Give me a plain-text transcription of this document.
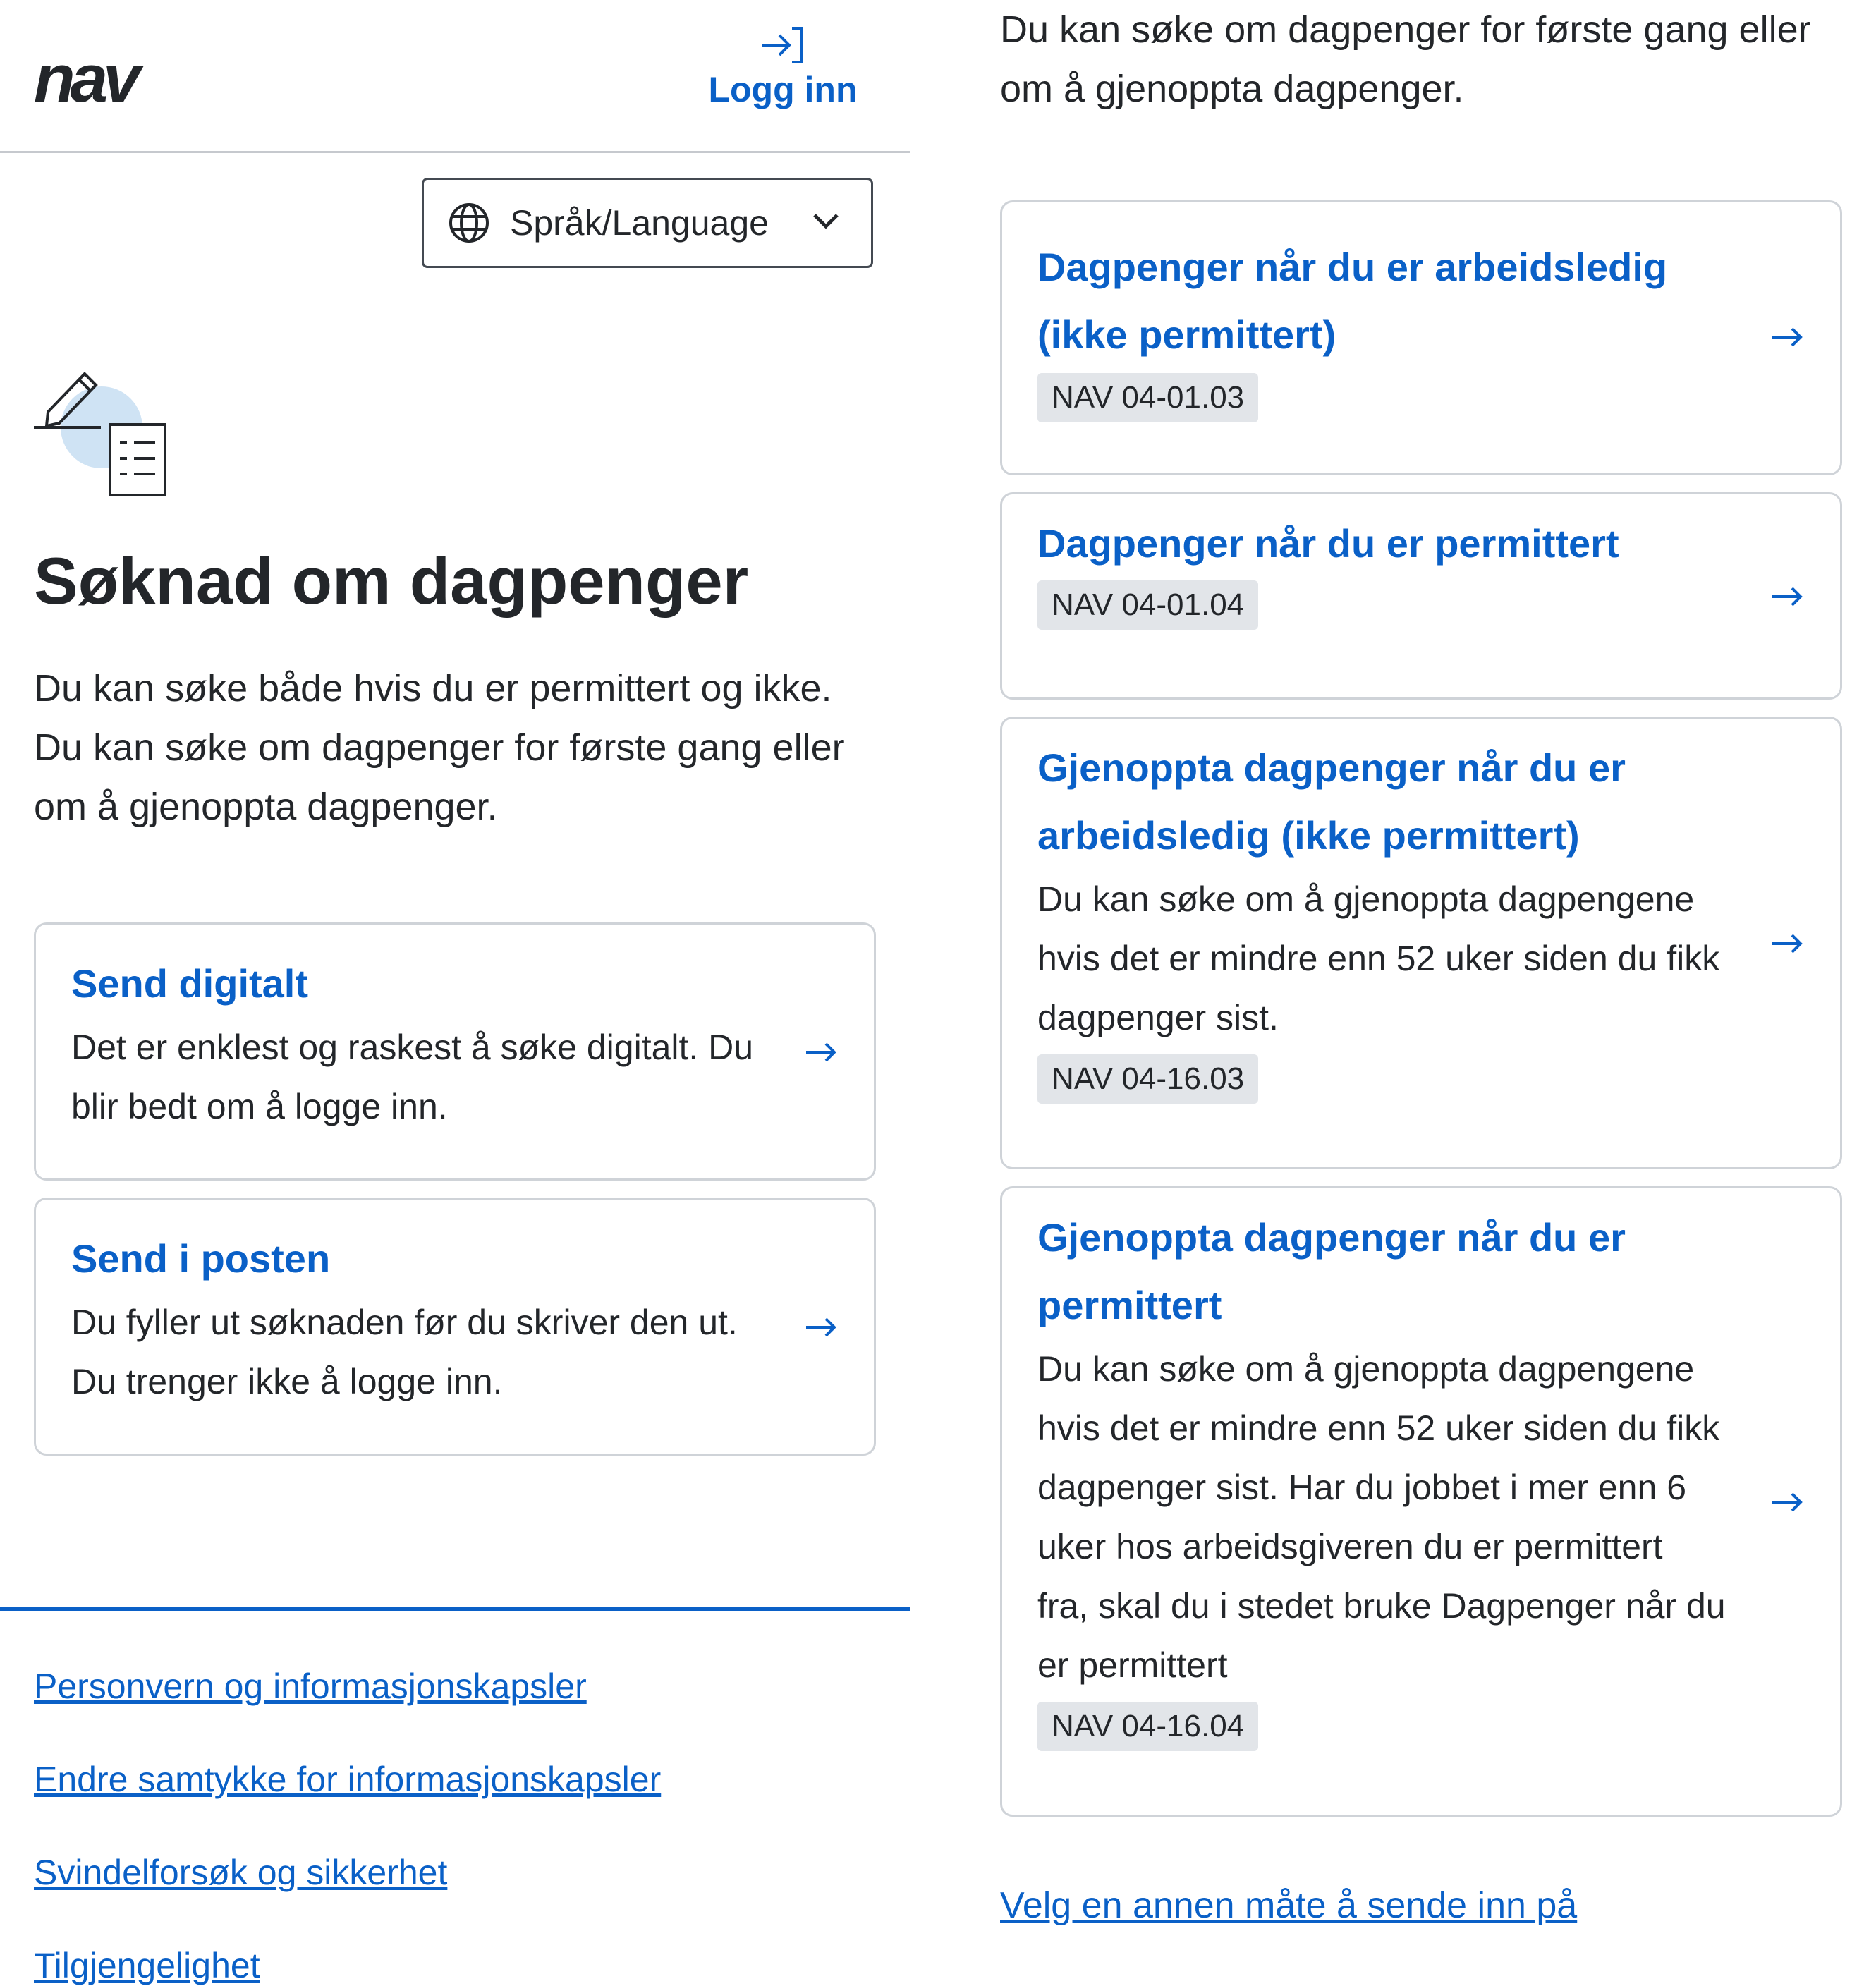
nav	Logg inn
Språk/Language
Søknad om dagpenger

Du kan søke både hvis du er permittert og ikke.
Du kan søke om dagpenger for første gang eller
om å gjenoppta dagpenger.

Send digitalt
Det er enklest og raskest å søke digitalt. Du
blir bedt om å logge inn.
Send i posten
Du fyller ut søknaden før du skriver den ut.
Du trenger ikke å logge inn.
Personvern og informasjonskapsler
Endre samtykke for informasjonskapsler
Svindelforsøk og sikkerhet
Tilgjengelighet

Du kan søke om dagpenger for første gang eller
om å gjenoppta dagpenger.

Dagpenger når du er arbeidsledig
(ikke permittert)
NAV 04-01.03
Dagpenger når du er permittert
NAV 04-01.04
Gjenoppta dagpenger når du er
arbeidsledig (ikke permittert)
Du kan søke om å gjenoppta dagpengene
hvis det er mindre enn 52 uker siden du fikk
dagpenger sist.
NAV 04-16.03
Gjenoppta dagpenger når du er
permittert
Du kan søke om å gjenoppta dagpengene
hvis det er mindre enn 52 uker siden du fikk
dagpenger sist. Har du jobbet i mer enn 6
uker hos arbeidsgiveren du er permittert
fra, skal du i stedet bruke Dagpenger når du
er permittert
NAV 04-16.04
Velg en annen måte å sende inn på
